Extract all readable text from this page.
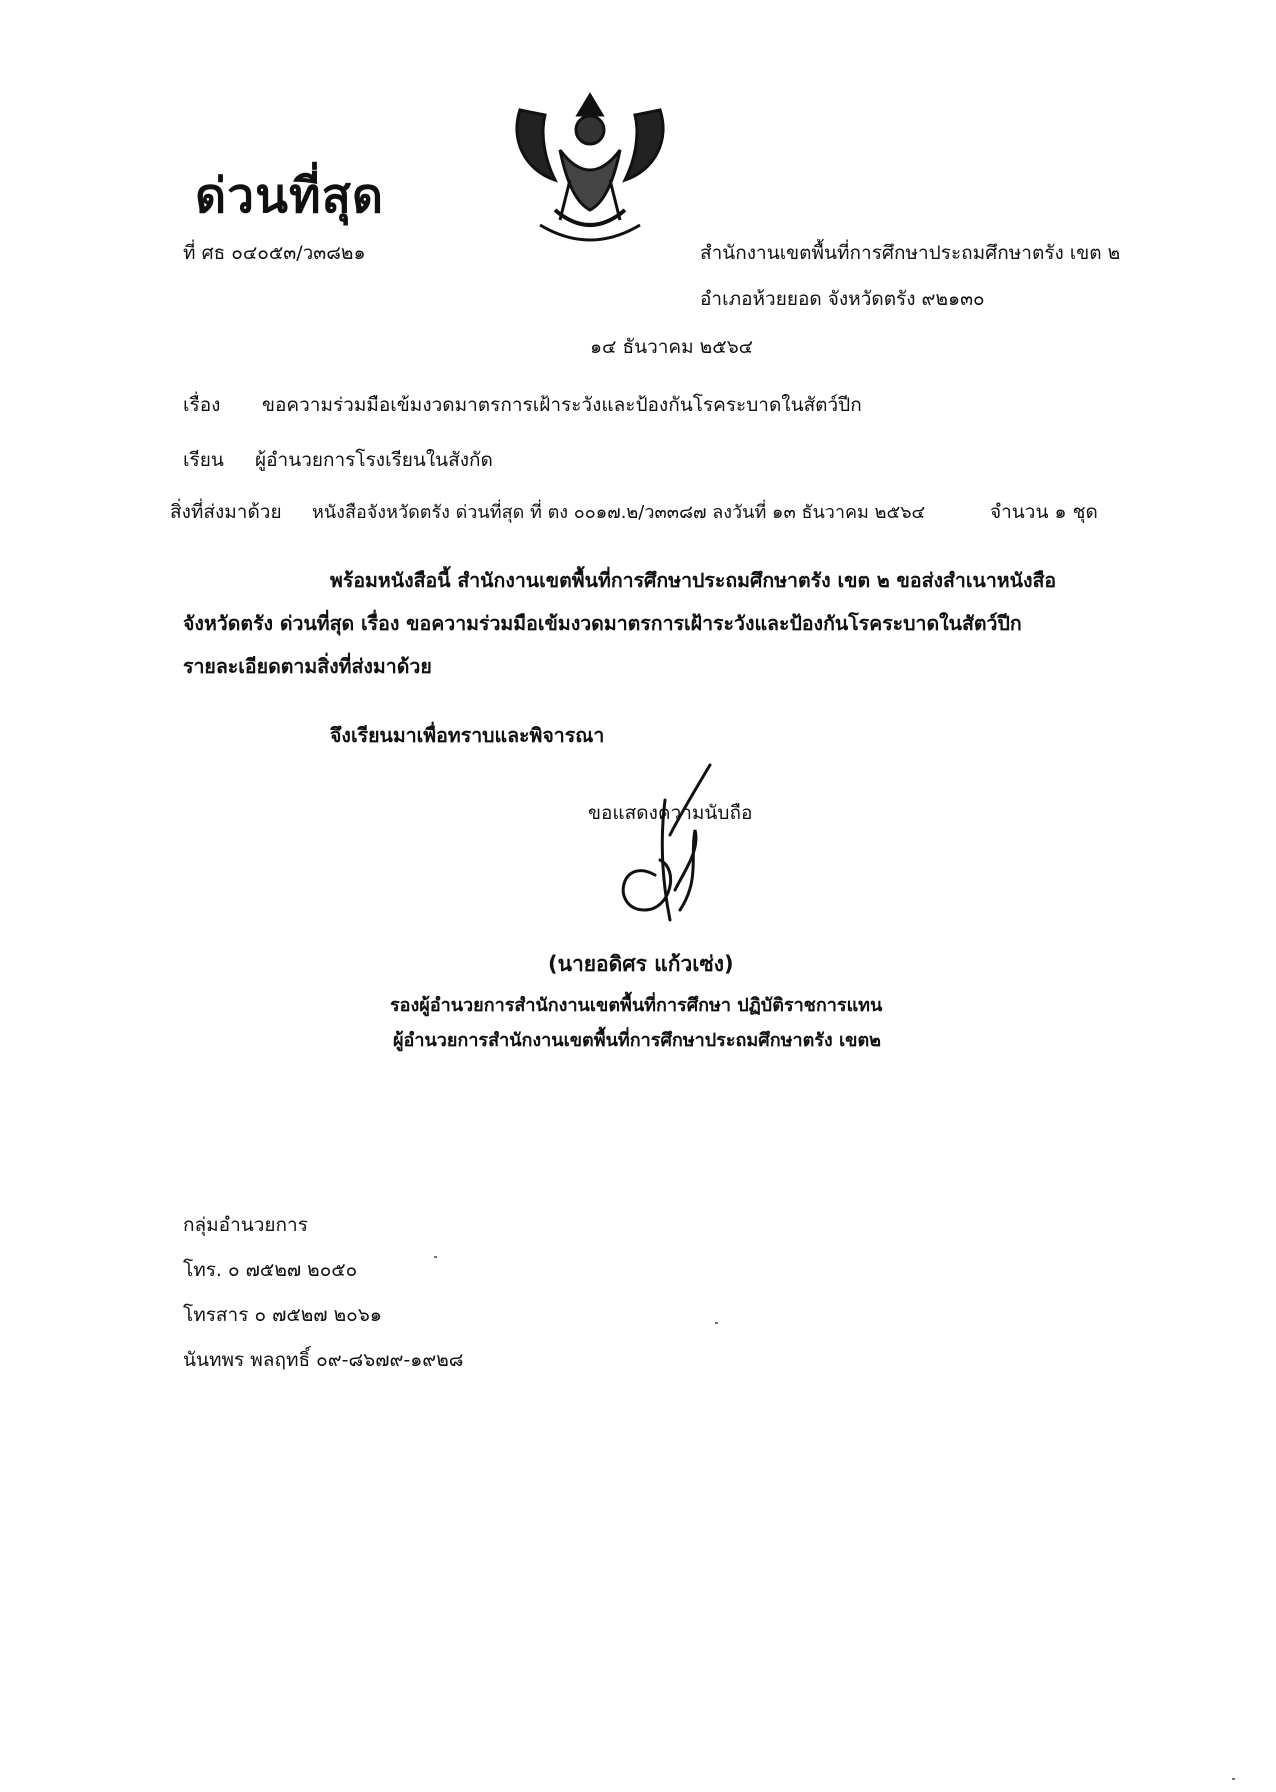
ด่วนที่สุด
ที่ ศธ ๐๔๐๕๓/ว๓๘๒๑	สำนักงานเขตพื้นที่การศึกษาประถมศึกษาตรัง เขต ๒
อำเภอห้วยยอด จังหวัดตรัง ๙๒๑๓๐
๑๔ ธันวาคม ๒๕๖๔
เรื่อง ขอความร่วมมือเข้มงวดมาตรการเฝ้าระวังและป้องกันโรคระบาดในสัตว์ปีก
เรียน ผู้อำนวยการโรงเรียนในสังกัด
สิ่งที่ส่งมาด้วย หนังสือจังหวัดตรัง ด่วนที่สุด ที่ ตง ๐๐๑๗.๒/ว๓๓๘๗ ลงวันที่ ๑๓ ธันวาคม ๒๕๖๔	จำนวน ๑ ชุด
พร้อมหนังสือนี้ สำนักงานเขตพื้นที่การศึกษาประถมศึกษาตรัง เขต ๒ ขอส่งสำเนาหนังสือ
จังหวัดตรัง ด่วนที่สุด เรื่อง ขอความร่วมมือเข้มงวดมาตรการเฝ้าระวังและป้องกันโรคระบาดในสัตว์ปีก
รายละเอียดตามสิ่งที่ส่งมาด้วย
จึงเรียนมาเพื่อทราบและพิจารณา
ขอแสดงความนับถือ
(นายอดิศร แก้วเซ่ง)
รองผู้อำนวยการสำนักงานเขตพื้นที่การศึกษา ปฏิบัติราชการแทน
ผู้อำนวยการสำนักงานเขตพื้นที่การศึกษาประถมศึกษาตรัง เขต๒
กลุ่มอำนวยการ
โทร. ๐ ๗๕๒๗ ๒๐๕๐
โทรสาร ๐ ๗๕๒๗ ๒๐๖๑
นันทพร พลฤทธิ์ ๐๙-๘๖๗๙-๑๙๒๘
